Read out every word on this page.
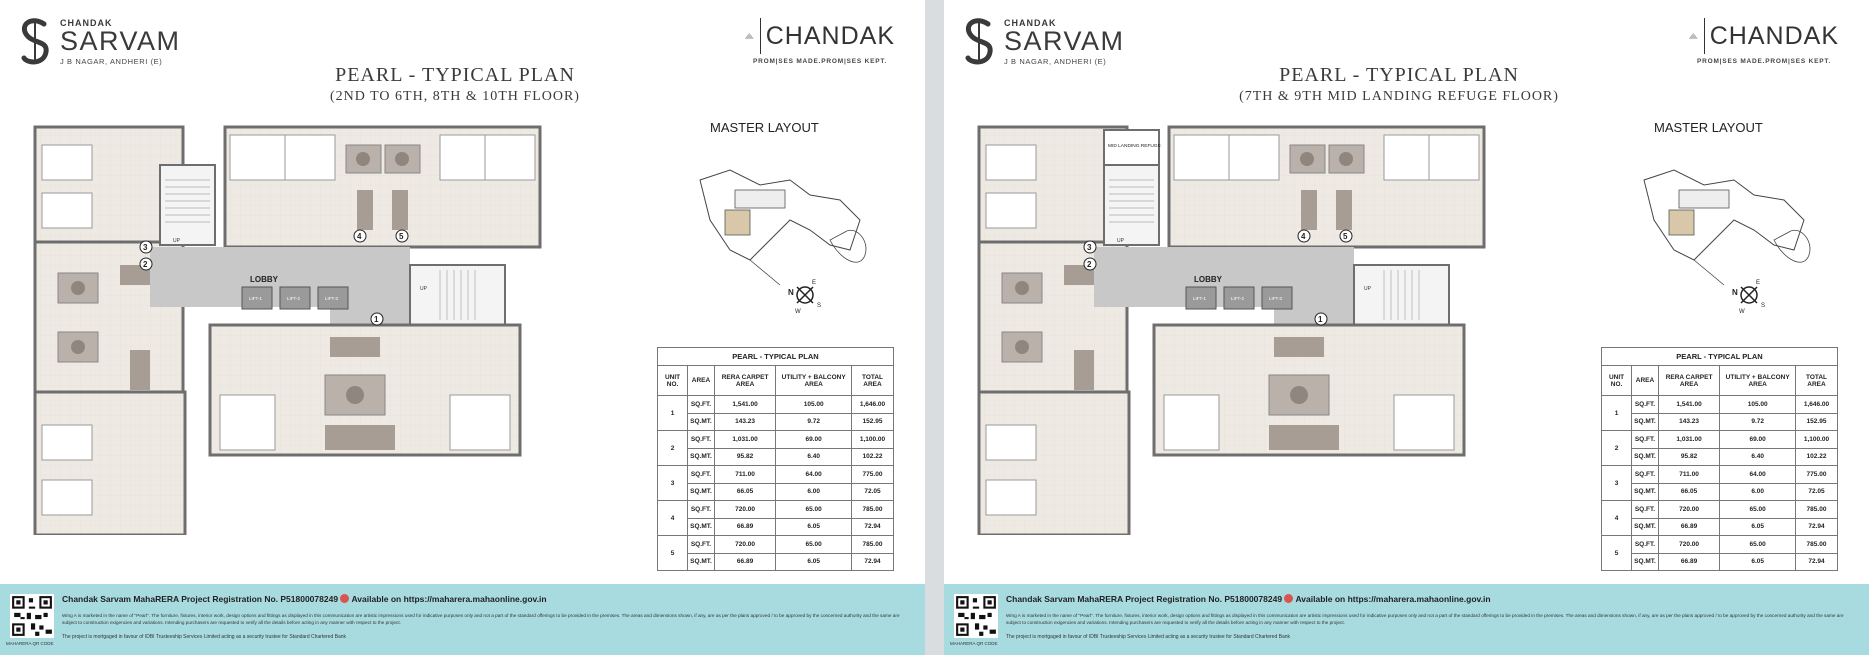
CHANDAK
SARVAM
J B NAGAR, ANDHERI (E)
CHANDAK
PROM|SES MADE.PROM|SES KEPT.
PEARL - TYPICAL PLAN
(2ND TO 6TH, 8TH & 10TH FLOOR)
UP
LOBBY
LIFT-1	LIFT-2	LIFT-3
UP
1
2
3
4	5
MASTER LAYOUT
N
E
S
W
PEARL - TYPICAL PLAN				
UNIT NO.	AREA	RERA CARPET AREA	UTILITY + BALCONY AREA	TOTAL AREA
1	SQ.FT.	1,541.00	105.00	1,646.00
	SQ.MT.	143.23	9.72	152.95
2	SQ.FT.	1,031.00	69.00	1,100.00
	SQ.MT.	95.82	6.40	102.22
3	SQ.FT.	711.00	64.00	775.00
	SQ.MT.	66.05	6.00	72.05
4	SQ.FT.	720.00	65.00	785.00
	SQ.MT.	66.89	6.05	72.94
5	SQ.FT.	720.00	65.00	785.00
	SQ.MT.	66.89	6.05	72.94
MAHARERA QR CODE
Chandak Sarvam MahaRERA Project Registration No. P51800078249 Available on https://maharera.mahaonline.gov.in
Wing A is marketed in the name of "Pearl". The furniture, fixtures, interior work, design options and fittings as displayed in this communication are artistic impressions used for indicative purposes only and not a part of the standard offerings to be provided in the premises. The areas and dimensions shown, if any, are as per the plans approved / to be approved by the concerned authority and the same are subject to construction exigencies and variations. Intending purchasers are requested to verify all the details before acting in any manner with respect to the project.
The project is mortgaged in favour of IDBI Trusteeship Services Limited acting as a security trustee for Standard Chartered Bank
CHANDAK
SARVAM
J B NAGAR, ANDHERI (E)
CHANDAK
PROM|SES MADE.PROM|SES KEPT.
PEARL - TYPICAL PLAN
(7TH & 9TH MID LANDING REFUGE FLOOR)
UP
LOBBY
LIFT-1	LIFT-2	LIFT-3
UP
1
2
3
4	5
MID LANDING REFUGE
MASTER LAYOUT
N
E
S
W
PEARL - TYPICAL PLAN				
UNIT NO.	AREA	RERA CARPET AREA	UTILITY + BALCONY AREA	TOTAL AREA
1	SQ.FT.	1,541.00	105.00	1,646.00
	SQ.MT.	143.23	9.72	152.95
2	SQ.FT.	1,031.00	69.00	1,100.00
	SQ.MT.	95.82	6.40	102.22
3	SQ.FT.	711.00	64.00	775.00
	SQ.MT.	66.05	6.00	72.05
4	SQ.FT.	720.00	65.00	785.00
	SQ.MT.	66.89	6.05	72.94
5	SQ.FT.	720.00	65.00	785.00
	SQ.MT.	66.89	6.05	72.94
MAHARERA QR CODE
Chandak Sarvam MahaRERA Project Registration No. P51800078249 Available on https://maharera.mahaonline.gov.in
Wing A is marketed in the name of "Pearl". The furniture, fixtures, interior work, design options and fittings as displayed in this communication are artistic impressions used for indicative purposes only and not a part of the standard offerings to be provided in the premises. The areas and dimensions shown, if any, are as per the plans approved / to be approved by the concerned authority and the same are subject to construction exigencies and variations. Intending purchasers are requested to verify all the details before acting in any manner with respect to the project.
The project is mortgaged in favour of IDBI Trusteeship Services Limited acting as a security trustee for Standard Chartered Bank
